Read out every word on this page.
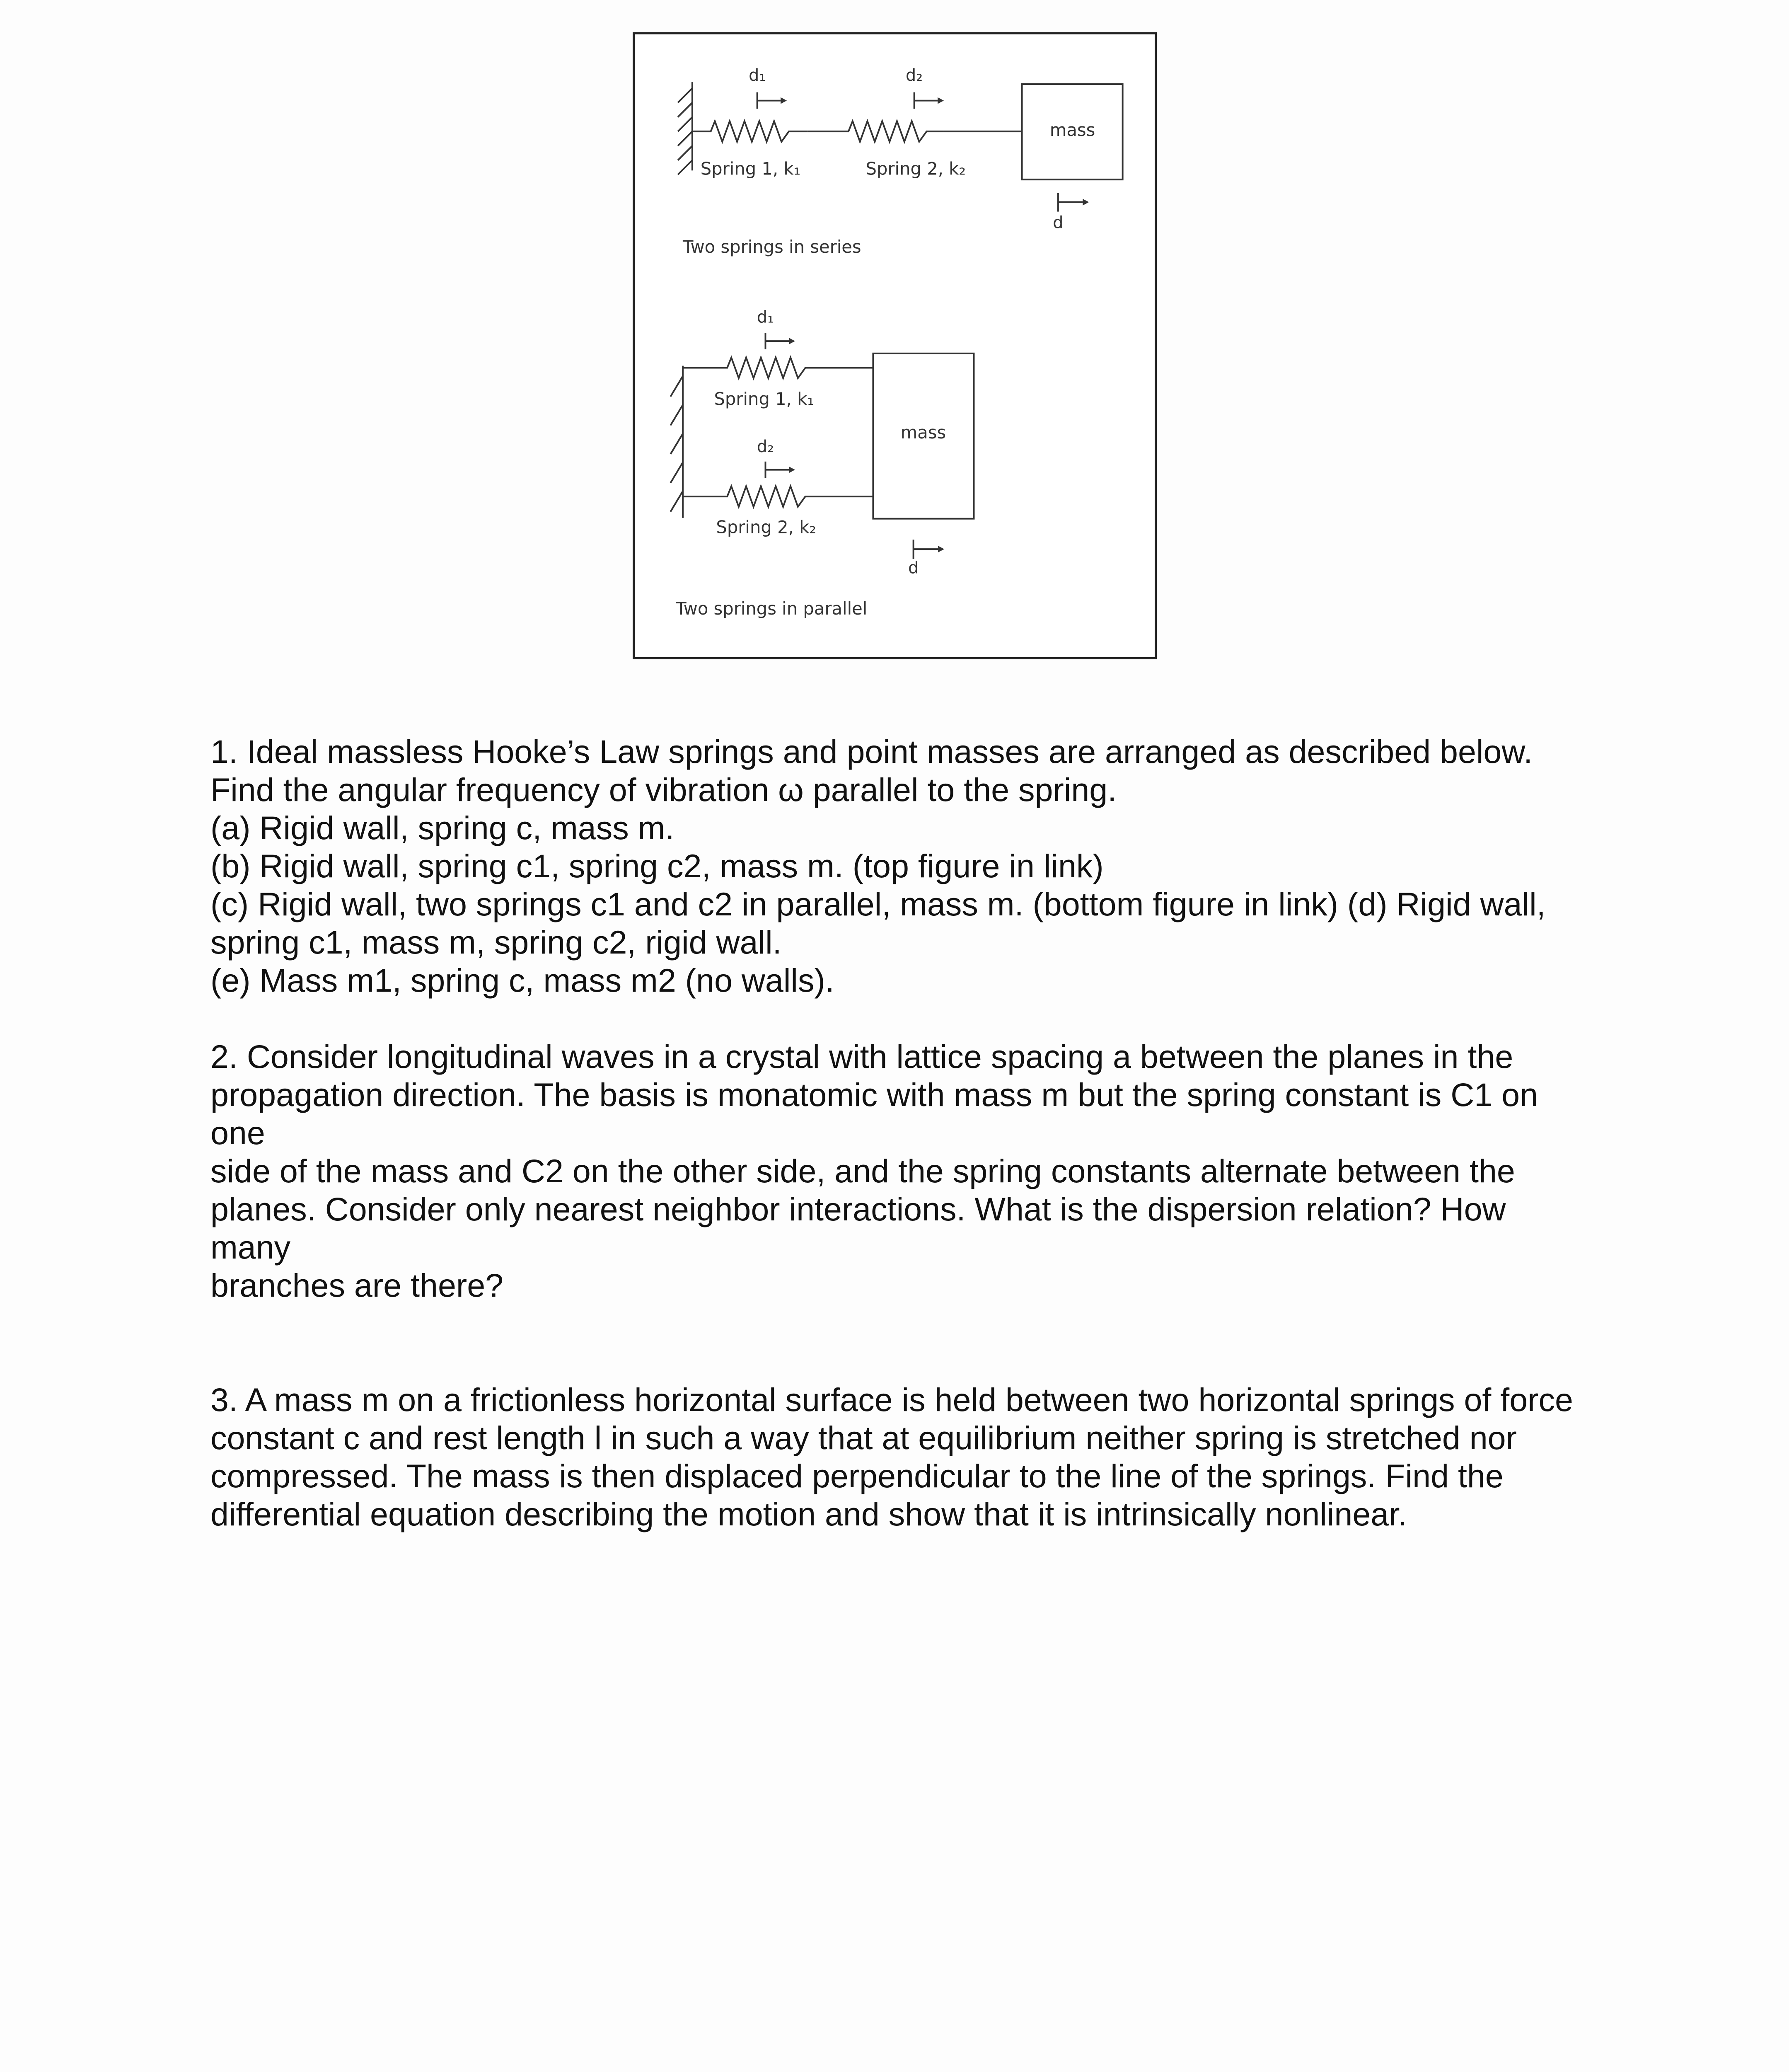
mass
d₁	d₂
Spring 1, k₁	Spring 2, k₂
d
Two springs in series
mass
d₁
Spring 1, k₁
d₂
Spring 2, k₂
d
Two springs in parallel

1. Ideal massless Hooke’s Law springs and point masses are arranged as described below.

Find the angular frequency of vibration ω parallel to the spring.

(a) Rigid wall, spring c, mass m.

(b) Rigid wall, spring c1, spring c2, mass m. (top figure in link)

(c) Rigid wall, two springs c1 and c2 in parallel, mass m. (bottom figure in link) (d) Rigid wall,

spring c1, mass m, spring c2, rigid wall.

(e) Mass m1, spring c, mass m2 (no walls).

2. Consider longitudinal waves in a crystal with lattice spacing a between the planes in the

propagation direction. The basis is monatomic with mass m but the spring constant is C1 on one

side of the mass and C2 on the other side, and the spring constants alternate between the

planes. Consider only nearest neighbor interactions. What is the dispersion relation? How many

branches are there?

3. A mass m on a frictionless horizontal surface is held between two horizontal springs of force

constant c and rest length l in such a way that at equilibrium neither spring is stretched nor

compressed. The mass is then displaced perpendicular to the line of the springs. Find the

differential equation describing the motion and show that it is intrinsically nonlinear.
